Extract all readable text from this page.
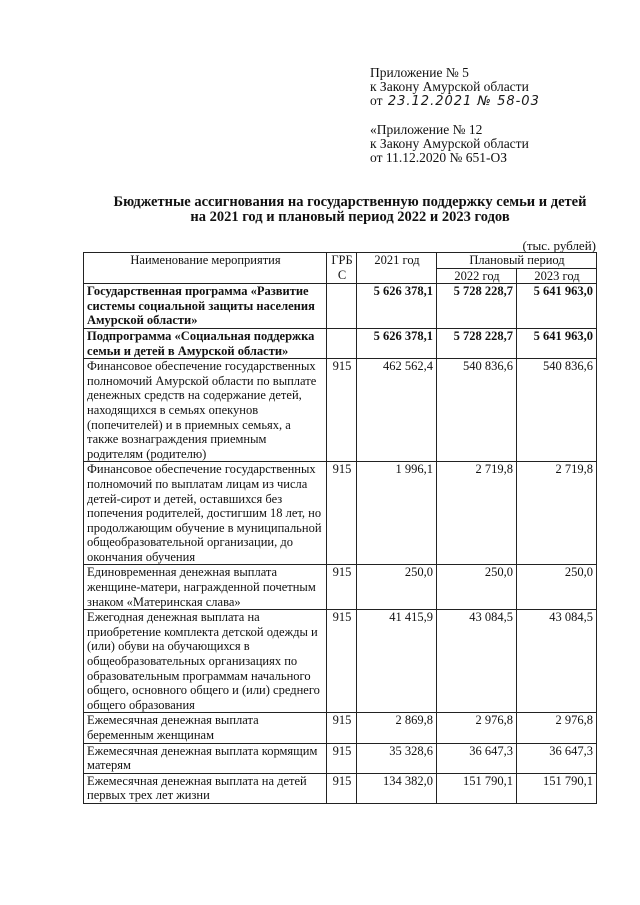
Приложение № 5
к Закону Амурской области
от 23.12.2021 № 58-03
«Приложение № 12
к Закону Амурской области
от 11.12.2020 № 651-ОЗ
Бюджетные ассигнования на государственную поддержку семьи и детей
на 2021 год и плановый период 2022 и 2023 годов
(тыс. рублей)
Наименование мероприятия	ГРБС	2021 год	Плановый период	
			2022 год	2023 год
Государственная программа «Развитие системы социальной защиты населения Амурской области»		5 626 378,1	5 728 228,7	5 641 963,0
Подпрограмма «Социальная поддержка семьи и детей в Амурской области»		5 626 378,1	5 728 228,7	5 641 963,0
Финансовое обеспечение государственных полномочий Амурской области по выплате денежных средств на содержание детей, находящихся в семьях опекунов (попечителей) и в приемных семьях, а также вознаграждения приемным родителям (родителю)	915	462 562,4	540 836,6	540 836,6
Финансовое обеспечение государственных полномочий по выплатам лицам из числа детей-сирот и детей, оставшихся без попечения родителей, достигшим 18 лет, но продолжающим обучение в муниципальной общеобразовательной организации, до окончания обучения	915	1 996,1	2 719,8	2 719,8
Единовременная денежная выплата женщине-матери, награжденной почетным знаком «Материнская слава»	915	250,0	250,0	250,0
Ежегодная денежная выплата на приобретение комплекта детской одежды и (или) обуви на обучающихся в общеобразовательных организациях по образовательным программам начального общего, основного общего и (или) среднего общего образования	915	41 415,9	43 084,5	43 084,5
Ежемесячная денежная выплата беременным женщинам	915	2 869,8	2 976,8	2 976,8
Ежемесячная денежная выплата кормящим матерям	915	35 328,6	36 647,3	36 647,3
Ежемесячная денежная выплата на детей первых трех лет жизни	915	134 382,0	151 790,1	151 790,1
